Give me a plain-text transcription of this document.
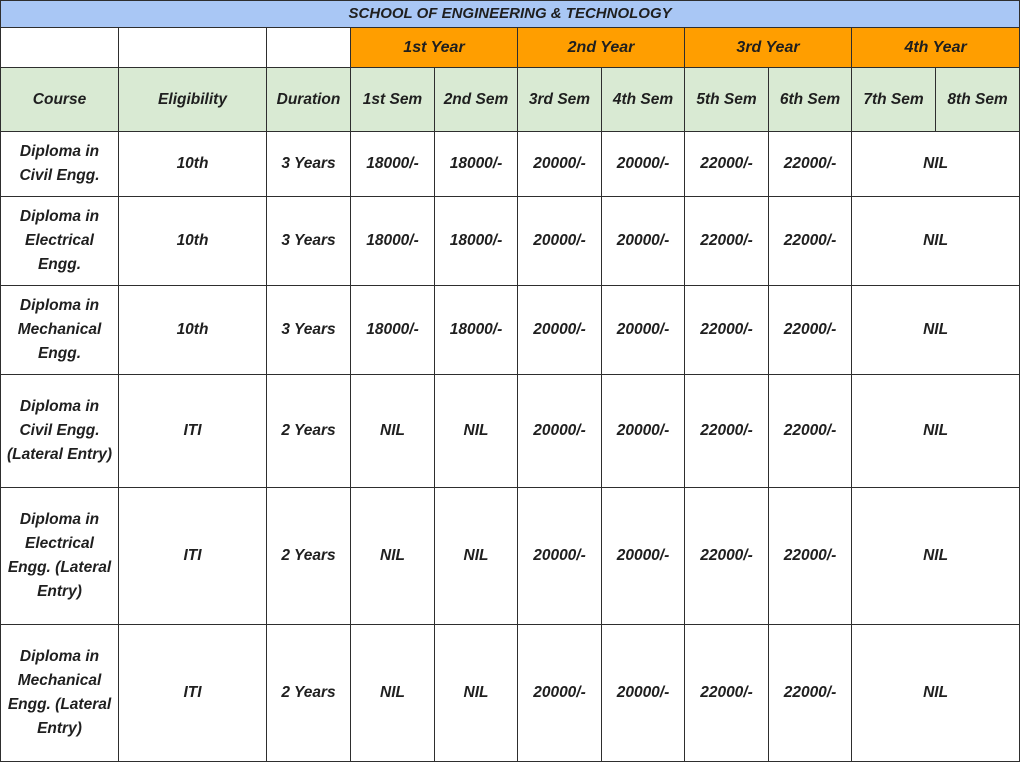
SCHOOL OF ENGINEERING & TECHNOLOGY										
			1st Year		2nd Year		3rd Year		4th Year	
Course	Eligibility	Duration	1st Sem	2nd Sem	3rd Sem	4th Sem	5th Sem	6th Sem	7th Sem	8th Sem
Diploma in Civil Engg.	10th	3 Years	18000/-	18000/-	20000/-	20000/-	22000/-	22000/-	NIL	
Diploma in Electrical Engg.	10th	3 Years	18000/-	18000/-	20000/-	20000/-	22000/-	22000/-	NIL	
Diploma in Mechanical Engg.	10th	3 Years	18000/-	18000/-	20000/-	20000/-	22000/-	22000/-	NIL	
Diploma in Civil Engg. (Lateral Entry)	ITI	2 Years	NIL	NIL	20000/-	20000/-	22000/-	22000/-	NIL	
Diploma in Electrical Engg. (Lateral Entry)	ITI	2 Years	NIL	NIL	20000/-	20000/-	22000/-	22000/-	NIL	
Diploma in Mechanical Engg. (Lateral Entry)	ITI	2 Years	NIL	NIL	20000/-	20000/-	22000/-	22000/-	NIL	
